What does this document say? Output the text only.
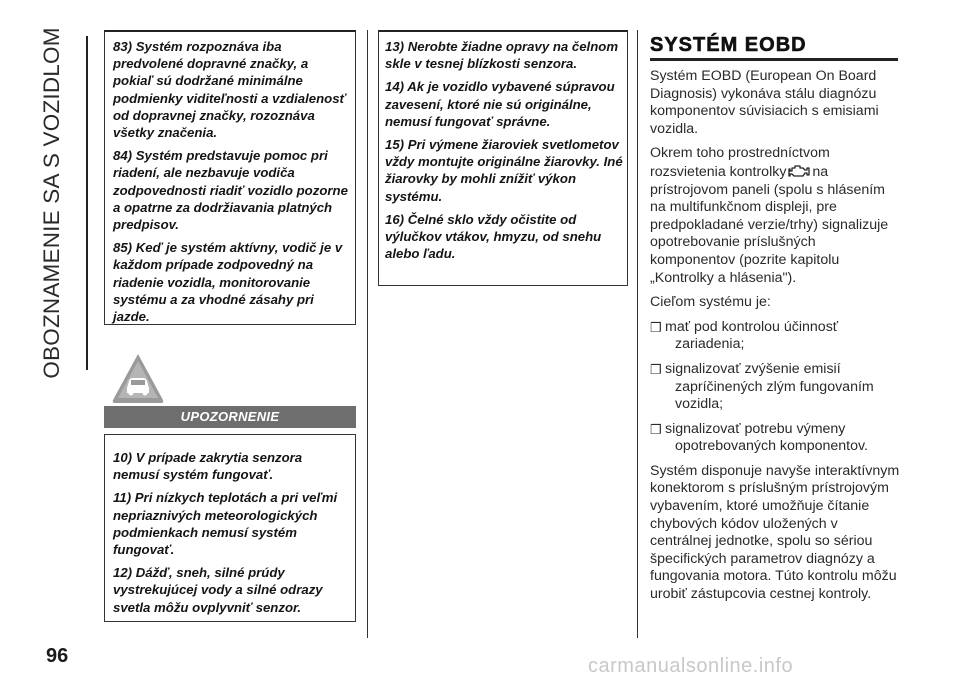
OBOZNAMENIE SA S VOZIDLOM	83) Systém rozpoznáva iba predvolené dopravné značky, a pokiaľ sú dodržané minimálne podmienky viditeľnosti a vzdialenosť od dopravnej značky, rozoznáva všetky značenia.

84) Systém predstavuje pomoc pri riadení, ale nezbavuje vodiča zodpovednosti riadiť vozidlo pozorne a opatrne za dodržiavania platných predpisov.

85) Keď je systém aktívny, vodič je v každom prípade zodpovedný na riadenie vozidla, monitorovanie systému a za vhodné zásahy pri jazde.

UPOZORNENIE

10) V prípade zakrytia senzora nemusí systém fungovať.

11) Pri nízkych teplotách a pri veľmi nepriaznivých meteorologických podmienkach nemusí systém fungovať.

12) Dážď, sneh, silné prúdy vystrekujúcej vody a silné odrazy svetla môžu ovplyvniť senzor.

13) Nerobte žiadne opravy na čelnom skle v tesnej blízkosti senzora.

14) Ak je vozidlo vybavené súpravou zavesení, ktoré nie sú originálne, nemusí fungovať správne.

15) Pri výmene žiaroviek svetlometov vždy montujte originálne žiarovky. Iné žiarovky by mohli znížiť výkon systému.

16) Čelné sklo vždy očistite od výlučkov vtákov, hmyzu, od snehu alebo ľadu.

SYSTÉM EOBD

Systém EOBD (European On Board Diagnosis) vykonáva stálu diagnózu komponentov súvisiacich s emisiami vozidla.

Okrem toho prostredníctvom rozsvietenia kontrolky na prístrojovom paneli (spolu s hlásením na multifunkčnom displeji, pre predpokladané verzie/trhy) signalizuje opotrebovanie príslušných komponentov (pozrite kapitolu „Kontrolky a hlásenia").

Cieľom systému je:

❒ mať pod kontrolou účinnosť
zariadenia;
❒ signalizovať zvýšenie emisií
zapríčinených zlým fungovaním vozidla;
❒ signalizovať potrebu výmeny
opotrebovaných komponentov.

Systém disponuje navyše interaktívnym konektorom s príslušným prístrojovým vybavením, ktoré umožňuje čítanie chybových kódov uložených v centrálnej jednotke, spolu so sériou špecifických parametrov diagnózy a fungovania motora. Túto kontrolu môžu urobiť zástupcovia cestnej kontroly.

96	carmanualsonline.info
